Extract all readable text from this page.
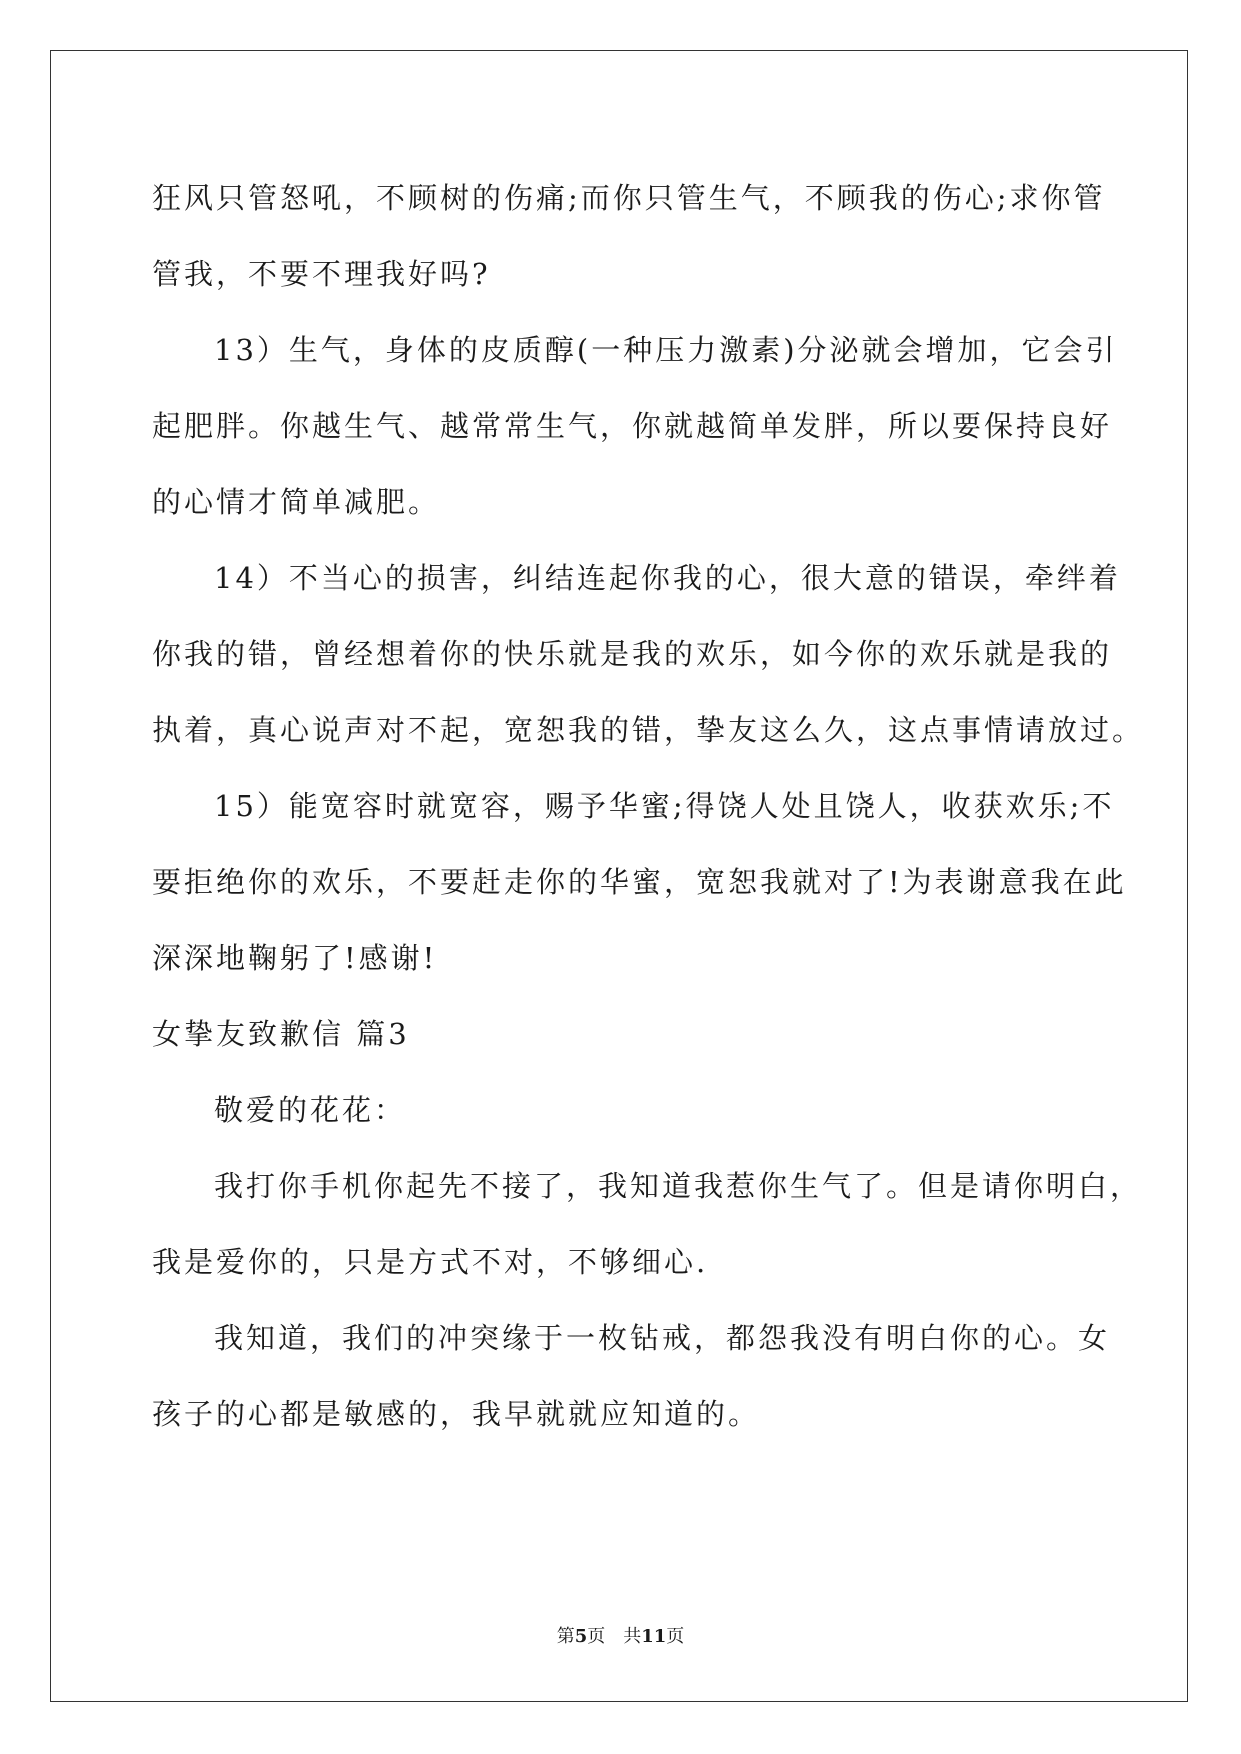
狂风只管怒吼，不顾树的伤痛;而你只管生气，不顾我的伤心;求你管
管我，不要不理我好吗?
13）生气，身体的皮质醇(一种压力激素)分泌就会增加，它会引
起肥胖。你越生气、越常常生气，你就越简单发胖，所以要保持良好
的心情才简单减肥。
14）不当心的损害，纠结连起你我的心，很大意的错误，牵绊着
你我的错，曾经想着你的快乐就是我的欢乐，如今你的欢乐就是我的
执着，真心说声对不起，宽恕我的错，挚友这么久，这点事情请放过。
15）能宽容时就宽容，赐予华蜜;得饶人处且饶人，收获欢乐;不
要拒绝你的欢乐，不要赶走你的华蜜，宽恕我就对了!为表谢意我在此
深深地鞠躬了!感谢!
女挚友致歉信 篇3
敬爱的花花：
我打你手机你起先不接了，我知道我惹你生气了。但是请你明白，
我是爱你的，只是方式不对，不够细心.
我知道，我们的冲突缘于一枚钻戒，都怨我没有明白你的心。女
孩子的心都是敏感的，我早就就应知道的。
第5页　共11页
